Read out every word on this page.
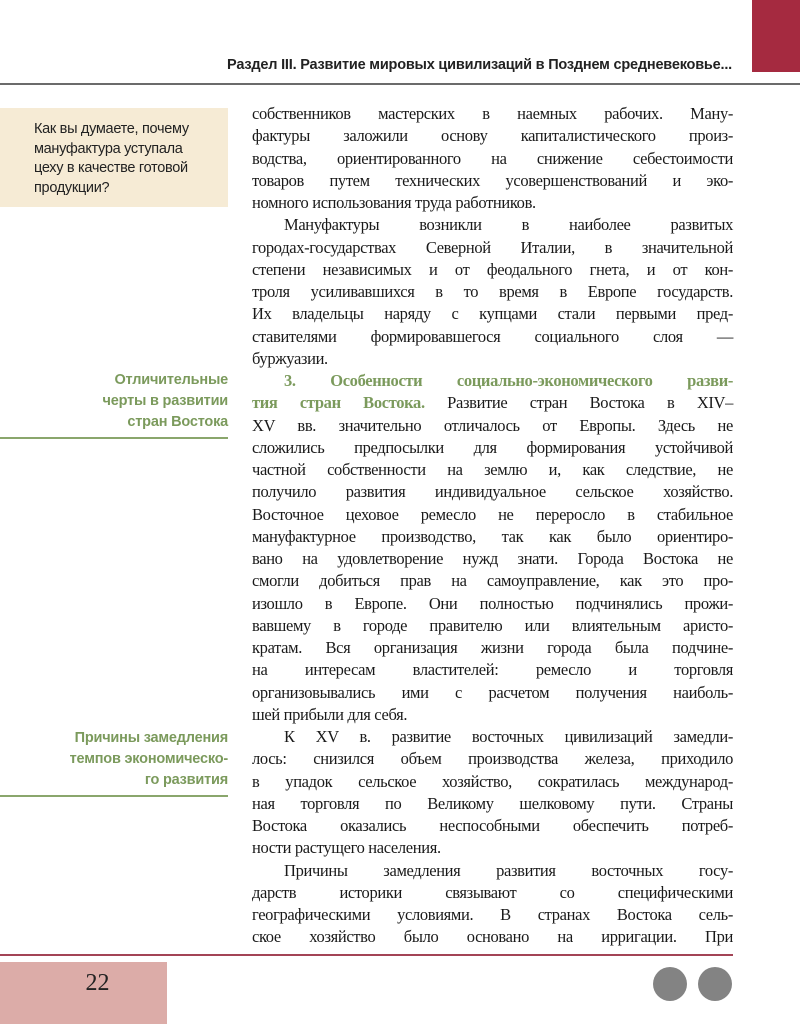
Раздел III. Развитие мировых цивилизаций в Позднем средневековье...
Как вы думаете, почему
мануфактура уступала
цеху в качестве готовой
продукции?
Отличительные
черты в развитии
стран Востока
Причины замедления
темпов экономическо-
го развития
собственников мастерских в наемных рабочих. Ману-
фактуры заложили основу капиталистического произ-
водства, ориентированного на снижение себестоимости
товаров путем технических усовершенствований и эко-
номного использования труда работников.
Мануфактуры возникли в наиболее развитых
городах-государствах Северной Италии, в значительной
степени независимых и от феодального гнета, и от кон-
троля усиливавшихся в то время в Европе государств.
Их владельцы наряду с купцами стали первыми пред-
ставителями формировавшегося социального слоя —
буржуазии.
3. Особенности социально-экономического разви-
тия стран Востока. Развитие стран Востока в XIV–
XV вв. значительно отличалось от Европы. Здесь не
сложились предпосылки для формирования устойчивой
частной собственности на землю и, как следствие, не
получило развития индивидуальное сельское хозяйство.
Восточное цеховое ремесло не переросло в стабильное
мануфактурное производство, так как было ориентиро-
вано на удовлетворение нужд знати. Города Востока не
смогли добиться прав на самоуправление, как это про-
изошло в Европе. Они полностью подчинялись прожи-
вавшему в городе правителю или влиятельным аристо-
кратам. Вся организация жизни города была подчине-
на интересам властителей: ремесло и торговля
организовывались ими с расчетом получения наиболь-
шей прибыли для себя.
К XV в. развитие восточных цивилизаций замедли-
лось: снизился объем производства железа, приходило
в упадок сельское хозяйство, сократилась международ-
ная торговля по Великому шелковому пути. Страны
Востока оказались неспособными обеспечить потреб-
ности растущего населения.
Причины замедления развития восточных госу-
дарств историки связывают со специфическими
географическими условиями. В странах Востока сель-
ское хозяйство было основано на ирригации. При
22
